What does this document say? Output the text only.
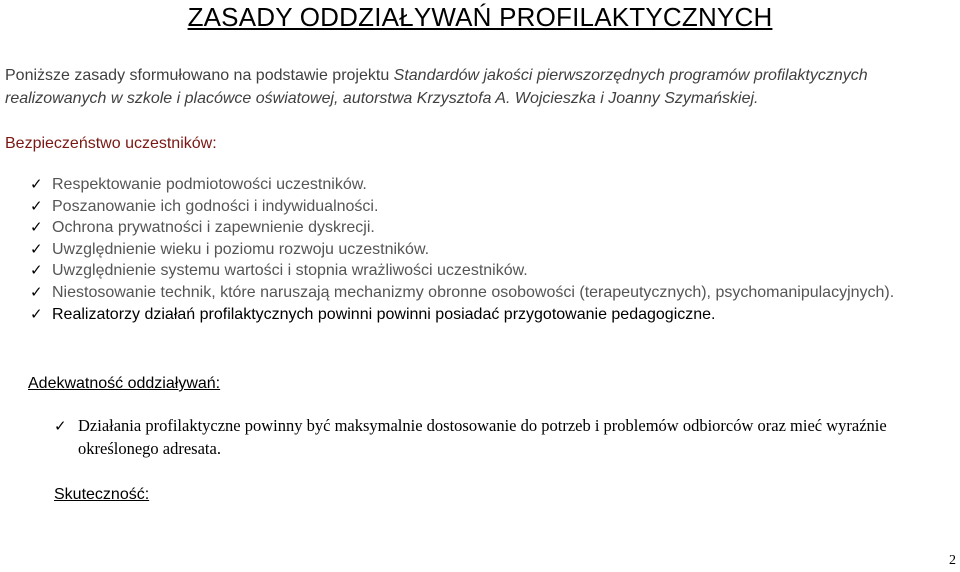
ZASADY ODDZIAŁYWAŃ PROFILAKTYCZNYCH
Poniższe zasady sformułowano na podstawie projektu Standardów jakości pierwszorzędnych programów profilaktycznych realizowanych w szkole i placówce oświatowej, autorstwa Krzysztofa A. Wojcieszka i Joanny Szymańskiej.
Bezpieczeństwo uczestników:
✓ Respektowanie podmiotowości uczestników.
✓ Poszanowanie ich godności i indywidualności.
✓ Ochrona prywatności i zapewnienie dyskrecji.
✓ Uwzględnienie wieku i poziomu rozwoju uczestników.
✓ Uwzględnienie systemu wartości i stopnia wrażliwości uczestników.
✓ Niestosowanie technik, które naruszają mechanizmy obronne osobowości (terapeutycznych), psychomanipulacyjnych).
✓ Realizatorzy działań profilaktycznych powinni powinni posiadać przygotowanie pedagogiczne.
Adekwatność oddziaływań:
✓ Działania profilaktyczne powinny być maksymalnie dostosowanie do potrzeb i problemów odbiorców oraz mieć wyraźnie określonego adresata.
Skuteczność:
2
